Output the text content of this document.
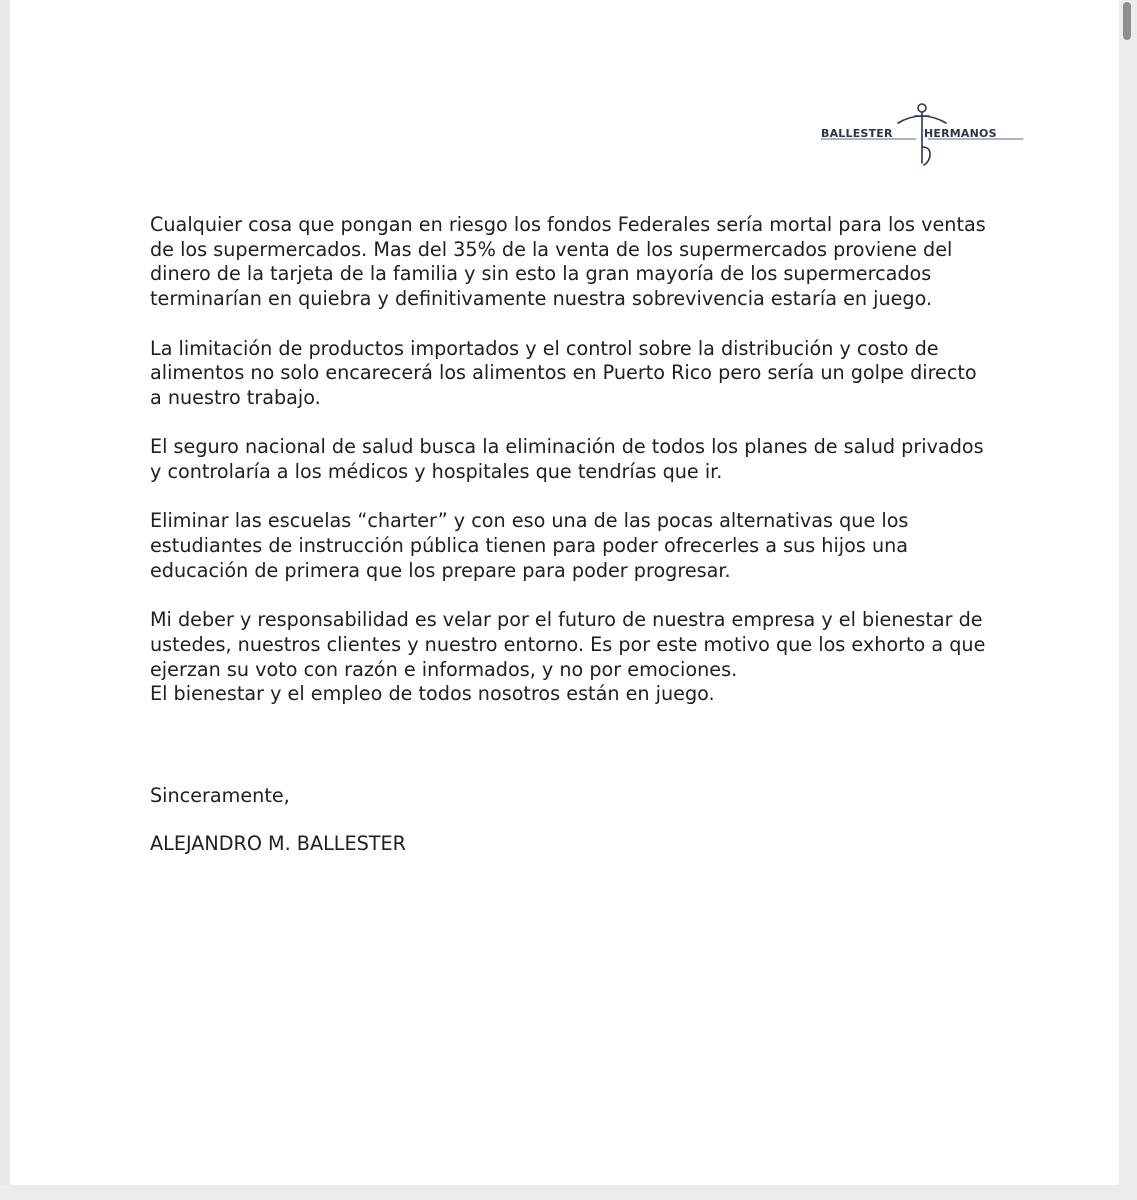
BALLESTER	HERMANOS

Cualquier cosa que pongan en riesgo los fondos Federales sería mortal para los ventas
de los supermercados. Mas del 35% de la venta de los supermercados proviene del
dinero de la tarjeta de la familia y sin esto la gran mayoría de los supermercados
terminarían en quiebra y definitivamente nuestra sobrevivencia estaría en juego.

La limitación de productos importados y el control sobre la distribución y costo de
alimentos no solo encarecerá los alimentos en Puerto Rico pero sería un golpe directo
a nuestro trabajo.

El seguro nacional de salud busca la eliminación de todos los planes de salud privados
y controlaría a los médicos y hospitales que tendrías que ir.

Eliminar las escuelas “charter” y con eso una de las pocas alternativas que los
estudiantes de instrucción pública tienen para poder ofrecerles a sus hijos una
educación de primera que los prepare para poder progresar.

Mi deber y responsabilidad es velar por el futuro de nuestra empresa y el bienestar de
ustedes, nuestros clientes y nuestro entorno. Es por este motivo que los exhorto a que
ejerzan su voto con razón e informados, y no por emociones.
El bienestar y el empleo de todos nosotros están en juego.

Sinceramente,
ALEJANDRO M. BALLESTER
